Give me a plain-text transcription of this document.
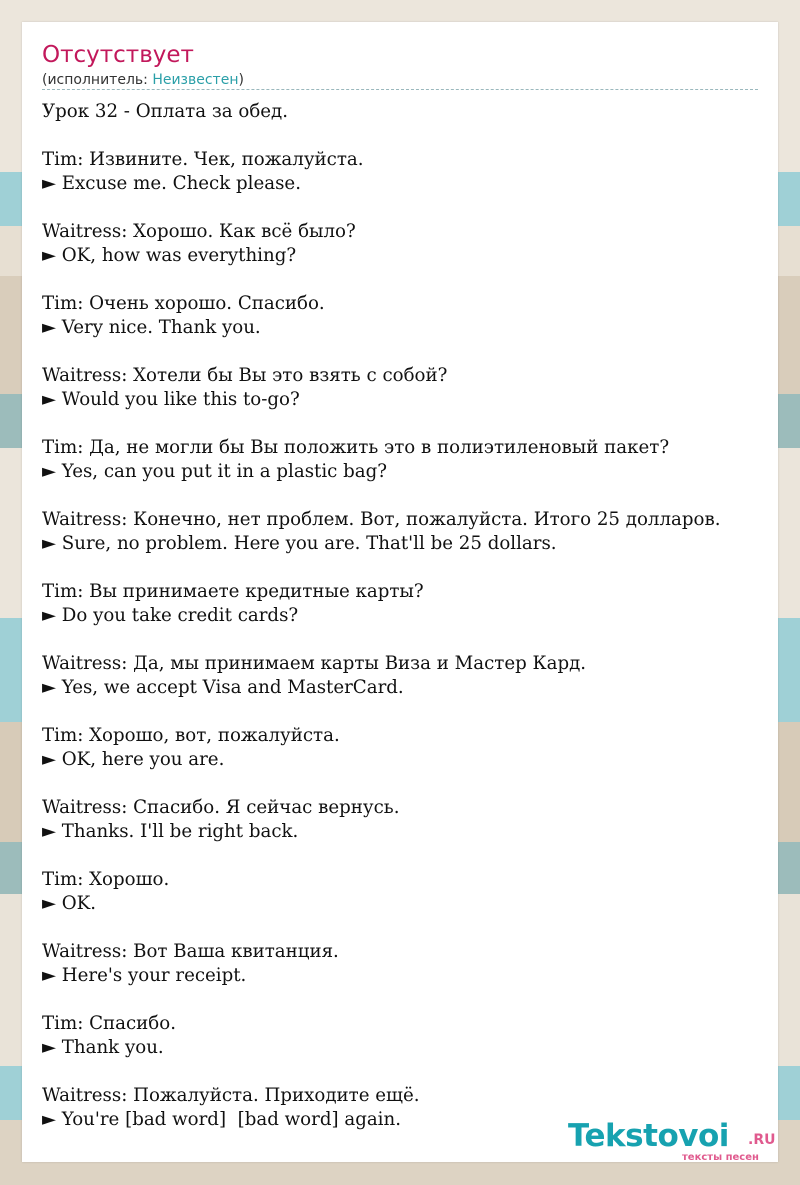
Отсутствует
(исполнитель: Неизвестен)
Урок 32 - Оплата за обед.
Tim: Извините. Чек, пожалуйста.
► Excuse me. Check please.
Waitress: Хорошо. Как всё было?
► OK, how was everything?
Tim: Очень хорошо. Спасибо.
► Very nice. Thank you.
Waitress: Хотели бы Вы это взять с собой?
► Would you like this to-go?
Tim: Да, не могли бы Вы положить это в полиэтиленовый пакет?
► Yes, can you put it in a plastic bag?
Waitress: Конечно, нет проблем. Вот, пожалуйста. Итого 25 долларов.
► Sure, no problem. Here you are. That'll be 25 dollars.
Tim: Вы принимаете кредитные карты?
► Do you take credit cards?
Waitress: Да, мы принимаем карты Виза и Мастер Кард.
► Yes, we accept Visa and MasterCard.
Tim: Хорошо, вот, пожалуйста.
► OK, here you are.
Waitress: Спасибо. Я сейчас вернусь.
► Thanks. I'll be right back.
Tim: Хорошо.
► OK.
Waitress: Вот Ваша квитанция.
► Here's your receipt.
Tim: Спасибо.
► Thank you.
Waitress: Пожалуйста. Приходите ещё.
► You're [bad word]  [bad word] again.	Tekstovoi .RU
тексты песен
